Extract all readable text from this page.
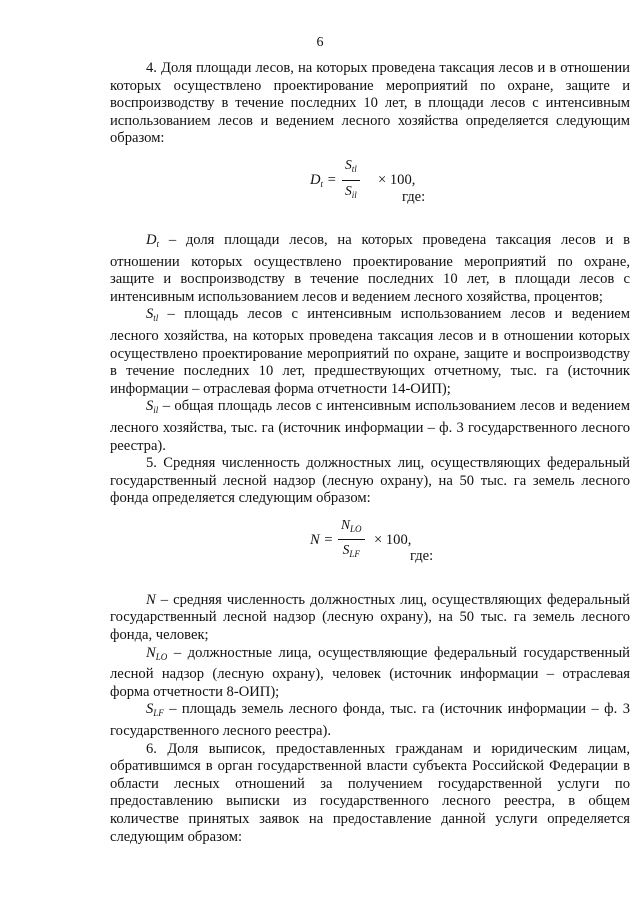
6

4. Доля площади лесов, на которых проведена таксация лесов и в отношении которых осуществлено проектирование мероприятий по охране, защите и воспроизводству в течение последних 10 лет, в площади лесов с интенсивным использованием лесов и ведением лесного хозяйства определяется следующим образом:

$D_t$ =
$S_{tl}$
$S_{il}$
× 100,
где:

$D_t$ – доля площади лесов, на которых проведена таксация лесов и в отношении которых осуществлено проектирование мероприятий по охране, защите и воспроизводству в течение последних 10 лет, в площади лесов с интенсивным использованием лесов и ведением лесного хозяйства, процентов;

$S_{tl}$ – площадь лесов с интенсивным использованием лесов и ведением лесного хозяйства, на которых проведена таксация лесов и в отношении которых осуществлено проектирование мероприятий по охране, защите и воспроизводству в течение последних 10 лет, предшествующих отчетному, тыс. га (источник информации – отраслевая форма отчетности 14-ОИП);

$S_{il}$ – общая площадь лесов с интенсивным использованием лесов и ведением лесного хозяйства, тыс. га (источник информации – ф. 3 государственного лесного реестра).

5. Средняя численность должностных лиц, осуществляющих федеральный государственный лесной надзор (лесную охрану), на 50 тыс. га земель лесного фонда определяется следующим образом:

N =
$N_{LO}$
$S_{LF}$
× 100,
где:

N – средняя численность должностных лиц, осуществляющих федеральный государственный лесной надзор (лесную охрану), на 50 тыс. га земель лесного фонда, человек;

$N_{LO}$ – должностные лица, осуществляющие федеральный государственный лесной надзор (лесную охрану), человек (источник информации – отраслевая форма отчетности 8-ОИП);

$S_{LF}$ – площадь земель лесного фонда, тыс. га (источник информации – ф. 3 государственного лесного реестра).

6. Доля выписок, предоставленных гражданам и юридическим лицам, обратившимся в орган государственной власти субъекта Российской Федерации в области лесных отношений за получением государственной услуги по предоставлению выписки из государственного лесного реестра, в общем количестве принятых заявок на предоставление данной услуги определяется следующим образом:
